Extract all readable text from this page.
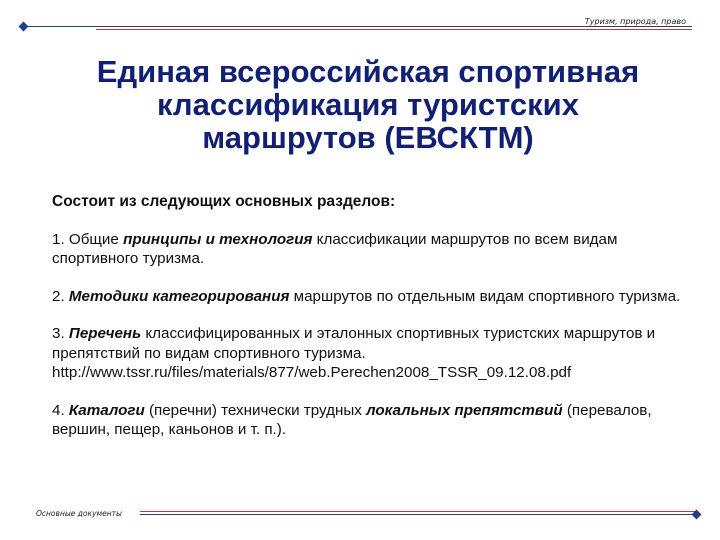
Туризм, природа, право
Единая всероссийская спортивная
классификация туристских
маршрутов (ЕВСКТМ)

Состоит из следующих основных разделов:

1. Общие принципы и технология классификации маршрутов по всем видам спортивного туризма.

2. Методики категорирования маршрутов по отдельным видам спортивного туризма.

3. Перечень классифицированных и эталонных спортивных туристских маршрутов и препятствий по видам спортивного туризма.
http://www.tssr.ru/files/materials/877/web.Perechen2008_TSSR_09.12.08.pdf

4. Каталоги (перечни) технически трудных локальных препятствий (перевалов, вершин, пещер, каньонов и т. п.).

Основные документы
